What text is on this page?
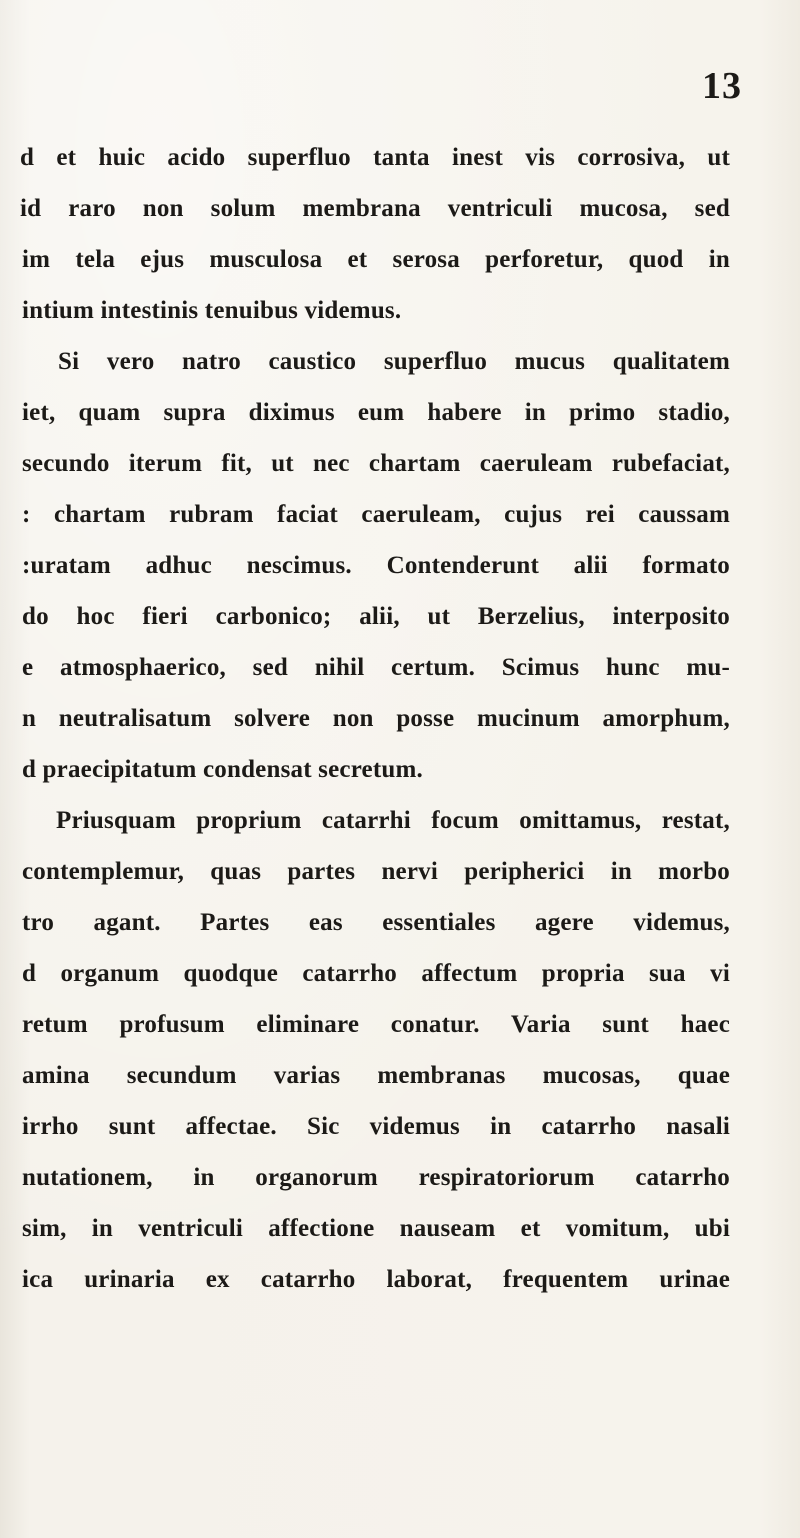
13
d et huic acido superfluo tanta inest vis corrosiva, ut
id raro non solum membrana ventriculi mucosa, sed
im tela ejus musculosa et serosa perforetur, quod in
intium intestinis tenuibus videmus.
Si vero natro caustico superfluo mucus qualitatem
iet, quam supra diximus eum habere in primo stadio,
secundo iterum fit, ut nec chartam caeruleam rubefaciat,
: chartam rubram faciat caeruleam, cujus rei caussam
:uratam adhuc nescimus. Contenderunt alii formato
do hoc fieri carbonico; alii, ut Berzelius, interposito
e atmosphaerico, sed nihil certum. Scimus hunc mu-
n neutralisatum solvere non posse mucinum amorphum,
d praecipitatum condensat secretum.
Priusquam proprium catarrhi focum omittamus, restat,
contemplemur, quas partes nervi peripherici in morbo
tro agant. Partes eas essentiales agere videmus,
d organum quodque catarrho affectum propria sua vi
retum profusum eliminare conatur. Varia sunt haec
amina secundum varias membranas mucosas, quae
irrho sunt affectae. Sic videmus in catarrho nasali
nutationem, in organorum respiratoriorum catarrho
sim, in ventriculi affectione nauseam et vomitum, ubi
ica urinaria ex catarrho laborat, frequentem urinae
